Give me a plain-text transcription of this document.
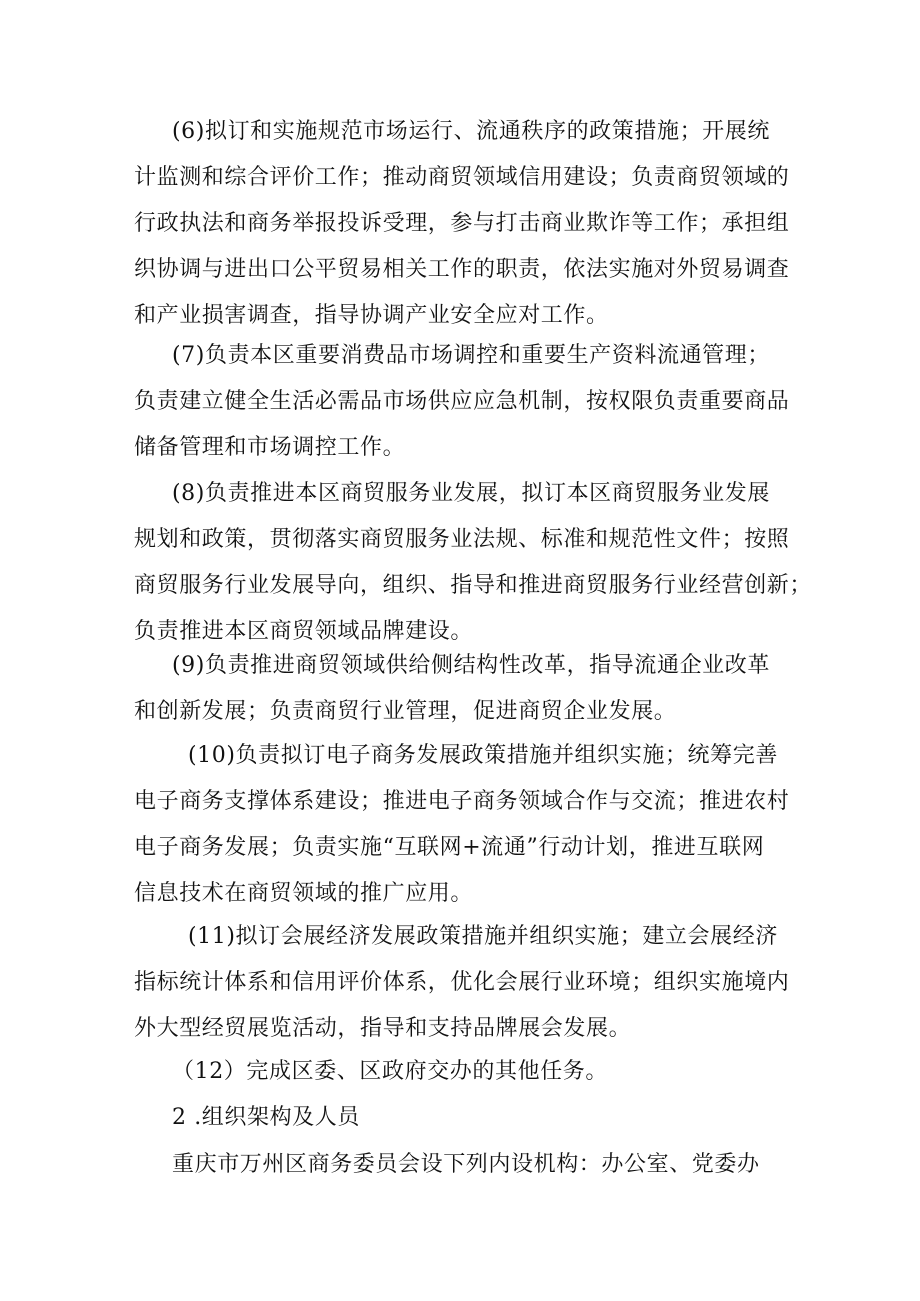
(6)拟订和实施规范市场运行、流通秩序的政策措施；开展统
计监测和综合评价工作；推动商贸领域信用建设；负责商贸领域的
行政执法和商务举报投诉受理，参与打击商业欺诈等工作；承担组
织协调与进出口公平贸易相关工作的职责，依法实施对外贸易调查
和产业损害调查，指导协调产业安全应对工作。
(7)负责本区重要消费品市场调控和重要生产资料流通管理；
负责建立健全生活必需品市场供应应急机制，按权限负责重要商品
储备管理和市场调控工作。
(8)负责推进本区商贸服务业发展，拟订本区商贸服务业发展
规划和政策，贯彻落实商贸服务业法规、标准和规范性文件；按照
商贸服务行业发展导向，组织、指导和推进商贸服务行业经营创新；
负责推进本区商贸领域品牌建设。
(9)负责推进商贸领域供给侧结构性改革，指导流通企业改革
和创新发展；负责商贸行业管理，促进商贸企业发展。
(10)负责拟订电子商务发展政策措施并组织实施；统筹完善
电子商务支撑体系建设；推进电子商务领域合作与交流；推进农村
电子商务发展；负责实施“互联网+流通”行动计划，推进互联网
信息技术在商贸领域的推广应用。
(11)拟订会展经济发展政策措施并组织实施；建立会展经济
指标统计体系和信用评价体系，优化会展行业环境；组织实施境内
外大型经贸展览活动，指导和支持品牌展会发展。
（12）完成区委、区政府交办的其他任务。
2 .组织架构及人员
重庆市万州区商务委员会设下列内设机构：办公室、党委办
